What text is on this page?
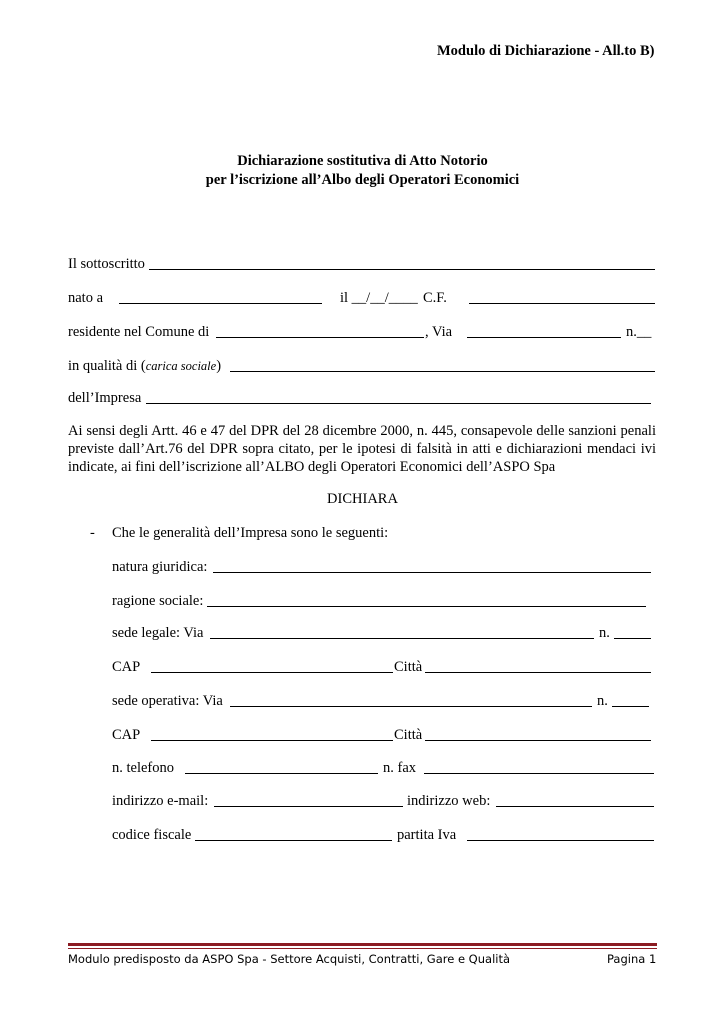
Modulo di Dichiarazione - All.to B)
Dichiarazione sostitutiva di Atto Notorio
per l’iscrizione all’Albo degli Operatori Economici
Il sottoscritto
nato a	il __/__/____ C.F.
residente nel Comune di	, Via	n.__
in qualità di (carica sociale)
dell’Impresa
Ai sensi degli Artt. 46 e 47 del DPR del 28 dicembre 2000, n. 445, consapevole delle sanzioni penali previste dall’Art.76 del DPR sopra citato, per le ipotesi di falsità in atti e dichiarazioni mendaci ivi indicate, ai fini dell’iscrizione all’ALBO degli Operatori Economici dell’ASPO Spa
DICHIARA
- Che le generalità dell’Impresa sono le seguenti:
natura giuridica:
ragione sociale:
sede legale: Via	n.
CAP	Città
sede operativa: Via	n.
CAP	Città
n. telefono	n. fax
indirizzo e-mail:	indirizzo web:
codice fiscale	partita Iva
Modulo predisposto da ASPO Spa - Settore Acquisti, Contratti, Gare e Qualità	Pagina 1
